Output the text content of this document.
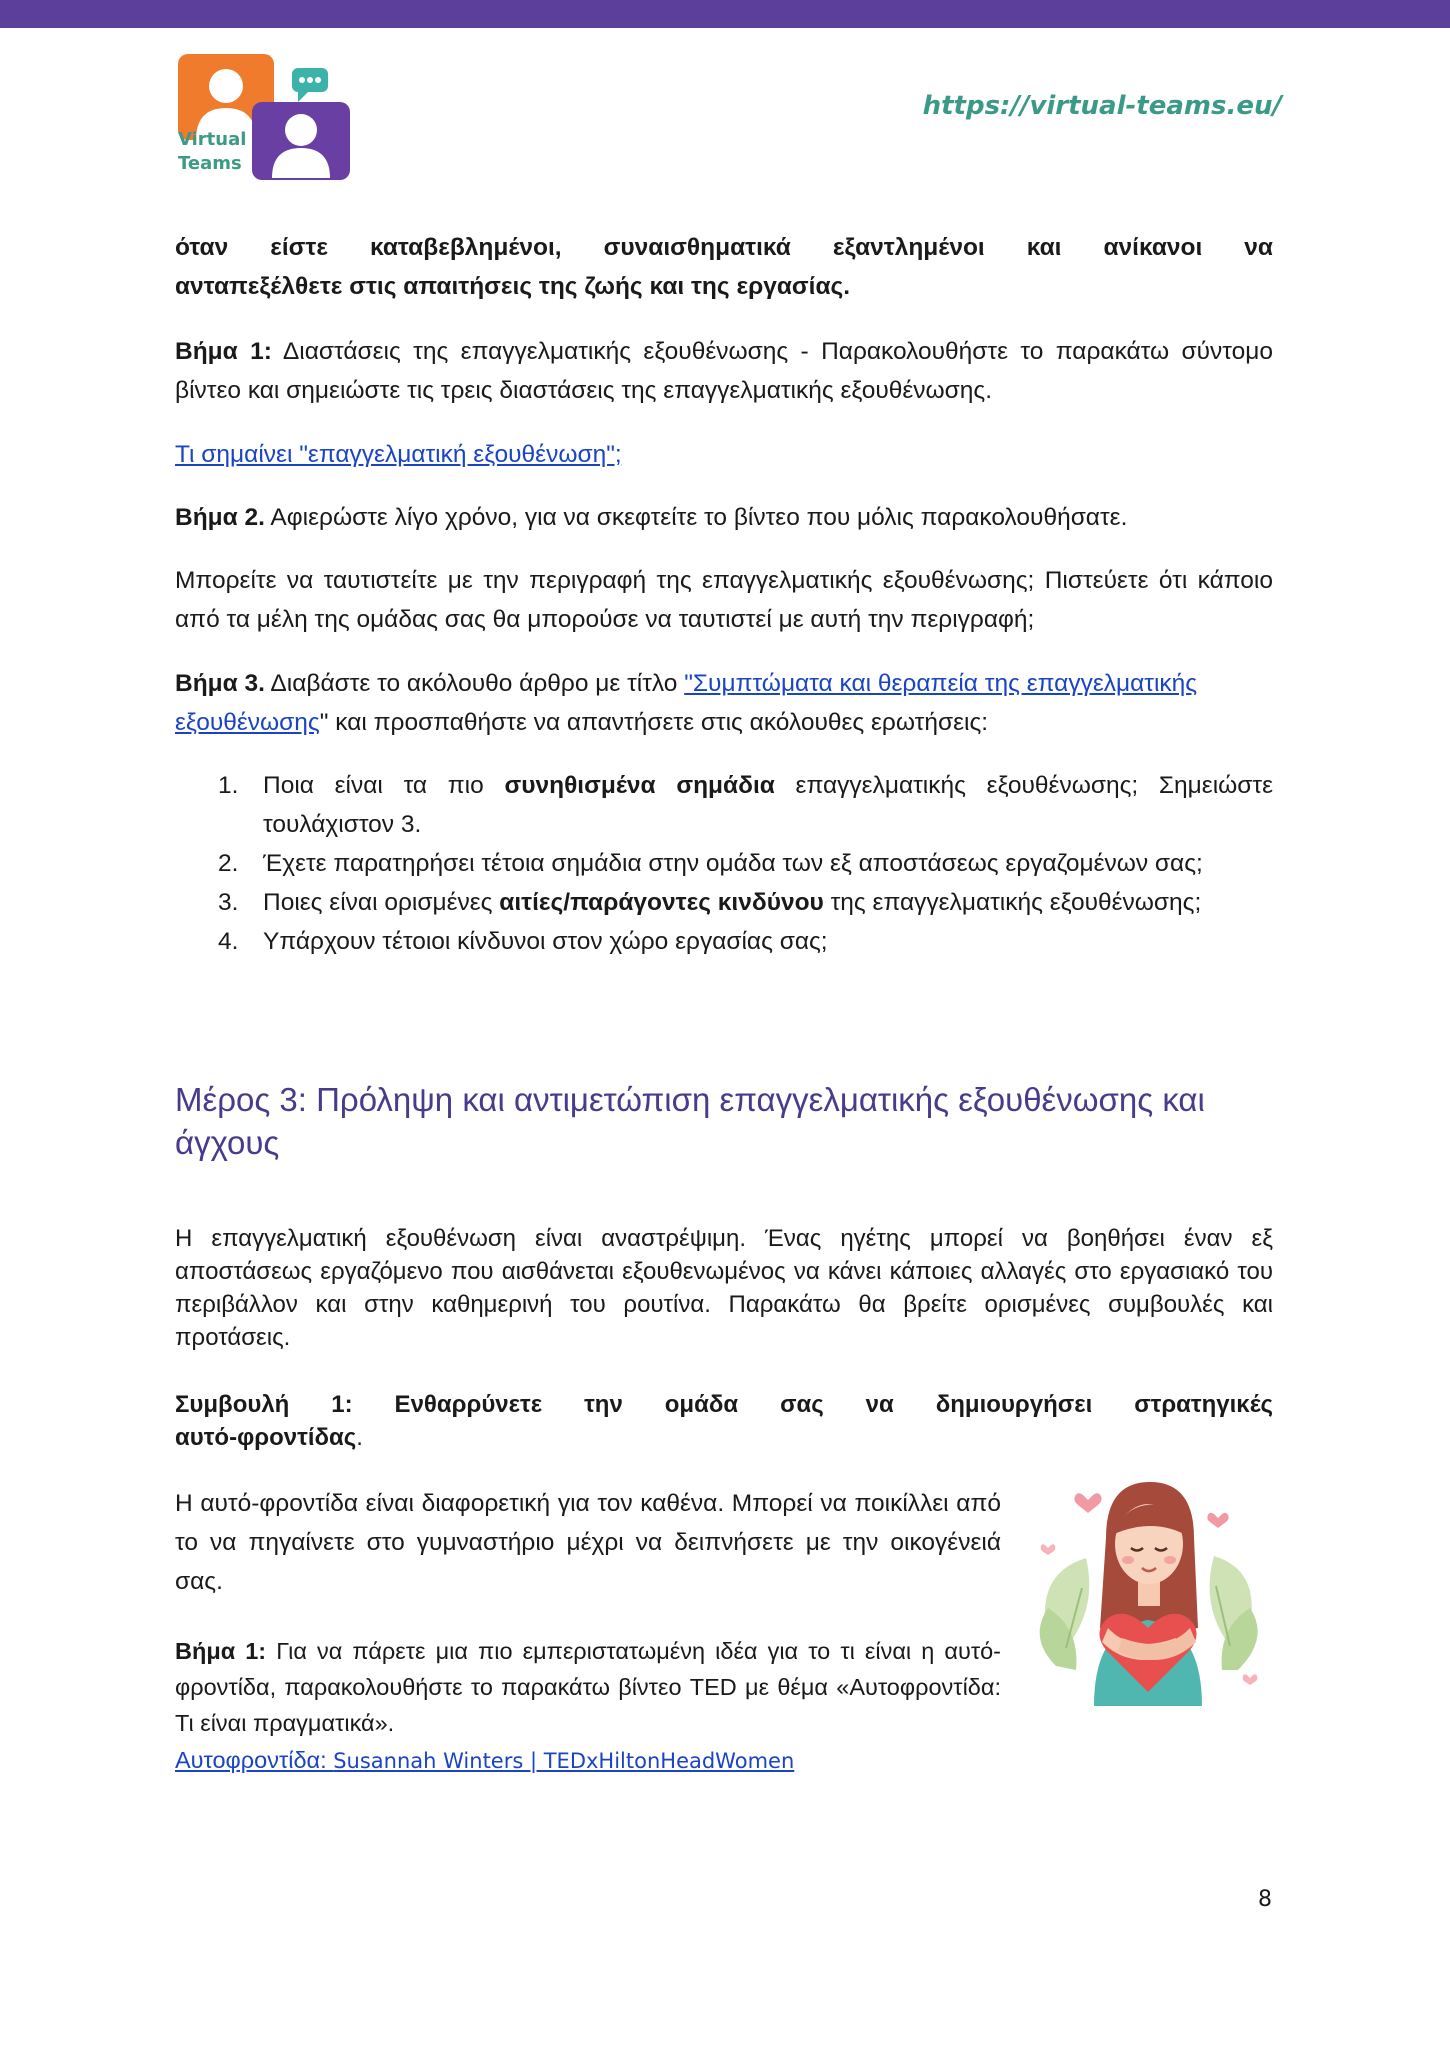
Virtual
Teams
https://virtual-teams.eu/

όταν είστε καταβεβλημένοι, συναισθηματικά εξαντλημένοι και ανίκανοι να

ανταπεξέλθετε στις απαιτήσεις της ζωής και της εργασίας.

Βήμα 1: Διαστάσεις της επαγγελματικής εξουθένωσης - Παρακολουθήστε το παρακάτω σύντομο βίντεο και σημειώστε τις τρεις διαστάσεις της επαγγελματικής εξουθένωσης.

Τι σημαίνει "επαγγελματική εξουθένωση";

Βήμα 2. Αφιερώστε λίγο χρόνο, για να σκεφτείτε το βίντεο που μόλις παρακολουθήσατε.

Μπορείτε να ταυτιστείτε με την περιγραφή της επαγγελματικής εξουθένωσης; Πιστεύετε ότι κάποιο από τα μέλη της ομάδας σας θα μπορούσε να ταυτιστεί με αυτή την περιγραφή;

Βήμα 3. Διαβάστε το ακόλουθο άρθρο με τίτλο "Συμπτώματα και θεραπεία της επαγγελματικής
εξουθένωσης" και προσπαθήστε να απαντήσετε στις ακόλουθες ερωτήσεις:

1. Ποια είναι τα πιο συνηθισμένα σημάδια επαγγελματικής εξουθένωσης; Σημειώστε τουλάχιστον 3.
2. Έχετε παρατηρήσει τέτοια σημάδια στην ομάδα των εξ αποστάσεως εργαζομένων σας;
3. Ποιες είναι ορισμένες αιτίες/παράγοντες κινδύνου της επαγγελματικής εξουθένωσης;
4. Υπάρχουν τέτοιοι κίνδυνοι στον χώρο εργασίας σας;
Μέρος 3: Πρόληψη και αντιμετώπιση επαγγελματικής εξουθένωσης και
άγχους

Η επαγγελματική εξουθένωση είναι αναστρέψιμη. Ένας ηγέτης μπορεί να βοηθήσει έναν εξ αποστάσεως εργαζόμενο που αισθάνεται εξουθενωμένος να κάνει κάποιες αλλαγές στο εργασιακό του περιβάλλον και στην καθημερινή του ρουτίνα. Παρακάτω θα βρείτε ορισμένες συμβουλές και προτάσεις.

Συμβουλή 1: Ενθαρρύνετε την ομάδα σας να δημιουργήσει στρατηγικές
αυτό-φροντίδας.

Η αυτό-φροντίδα είναι διαφορετική για τον καθένα. Μπορεί να ποικίλλει από το να πηγαίνετε στο γυμναστήριο μέχρι να δειπνήσετε με την οικογένειά σας.

Βήμα 1: Για να πάρετε μια πιο εμπεριστατωμένη ιδέα για το τι είναι η αυτό-φροντίδα, παρακολουθήστε το παρακάτω βίντεο TED με θέμα «Αυτοφροντίδα: Τι είναι πραγματικά».

Αυτοφροντίδα: Susannah Winters | TEDxHiltonHeadWomen

8
